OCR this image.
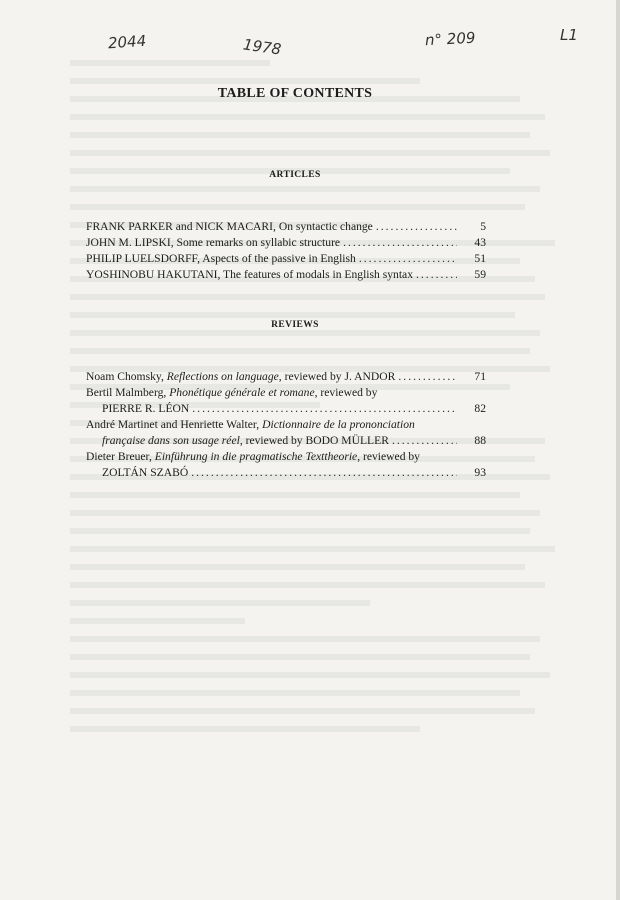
2044	1978	n° 209	L1
TABLE OF CONTENTS
ARTICLES
FRANK PARKER and NICK MACARI, On syntactic change .....	5
JOHN M. LIPSKI, Some remarks on syllabic structure .....	43
PHILIP LUELSDORFF, Aspects of the passive in English .....	51
YOSHINOBU HAKUTANI, The features of modals in English syntax .....	59
REVIEWS
Noam Chomsky, Reflections on language, reviewed by J. ANDOR .....	71
Bertil Malmberg, Phonétique générale et romane, reviewed by
PIERRE R. LÉON .....	82
André Martinet and Henriette Walter, Dictionnaire de la prononciation
française dans son usage réel, reviewed by BODO MÜLLER .....	88
Dieter Breuer, Einführung in die pragmatische Texttheorie, reviewed by
ZOLTÁN SZABÓ .....	93
